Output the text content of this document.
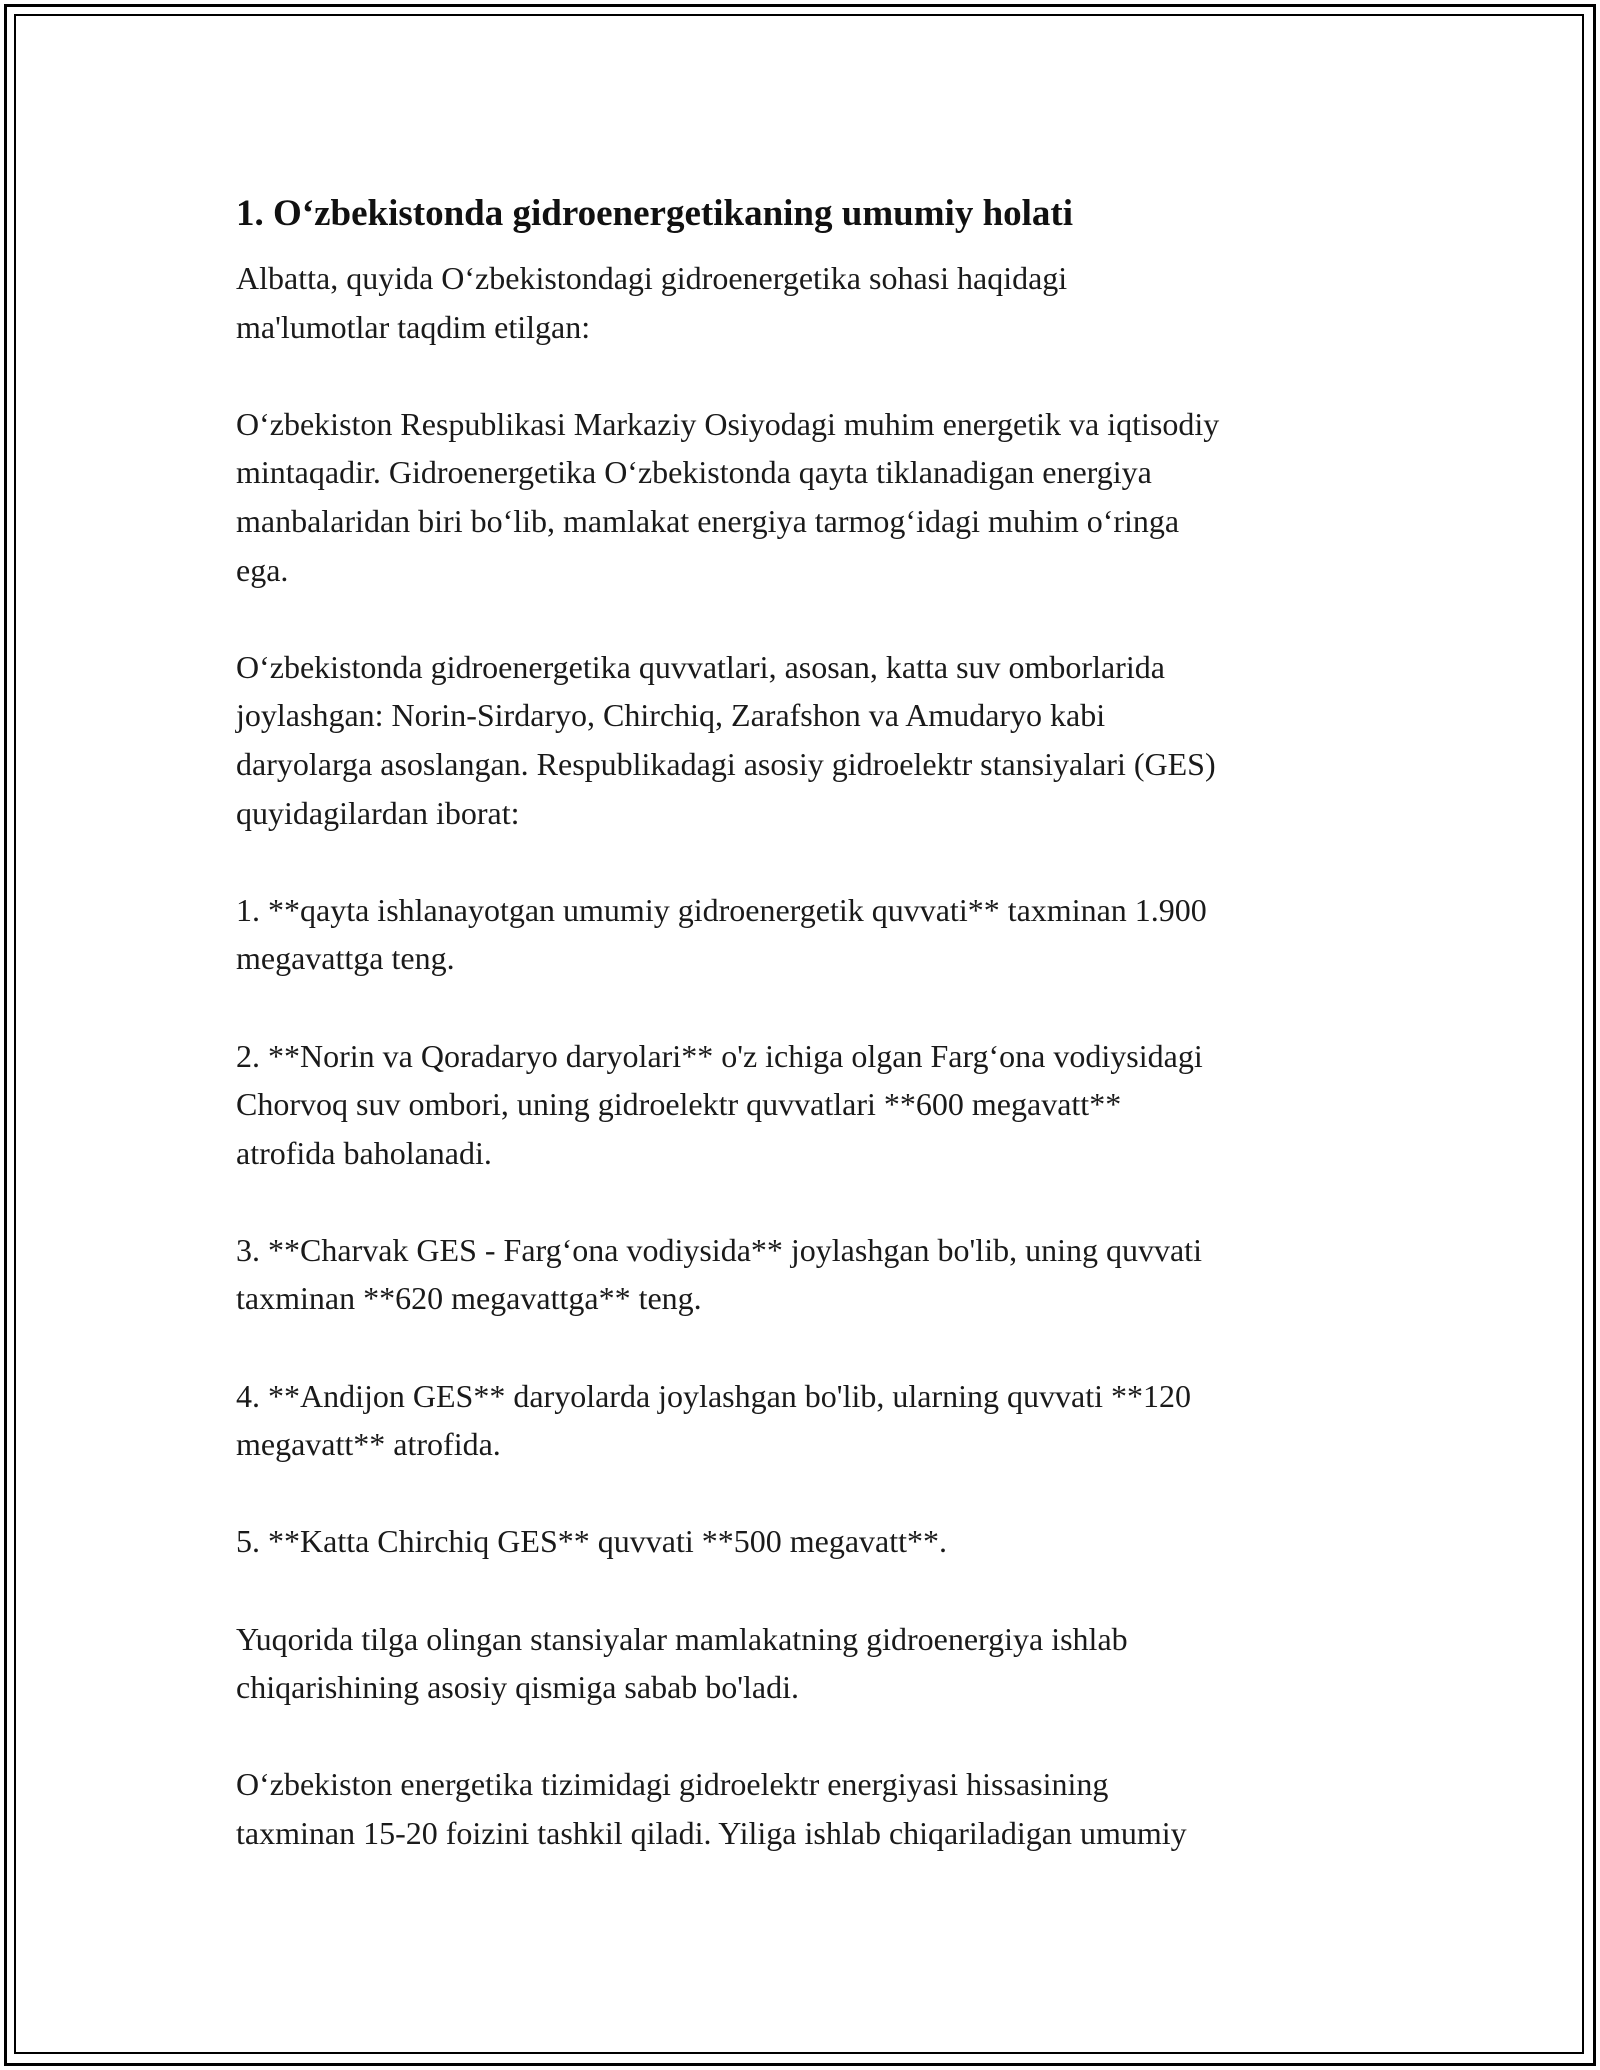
1. O‘zbekistonda gidroenergetikaning umumiy holati

Albatta, quyida O‘zbekistondagi gidroenergetika sohasi haqidagi
ma'lumotlar taqdim etilgan:

O‘zbekiston Respublikasi Markaziy Osiyodagi muhim energetik va iqtisodiy
mintaqadir. Gidroenergetika O‘zbekistonda qayta tiklanadigan energiya
manbalaridan biri bo‘lib, mamlakat energiya tarmog‘idagi muhim o‘ringa
ega.

O‘zbekistonda gidroenergetika quvvatlari, asosan, katta suv omborlarida
joylashgan: Norin-Sirdaryo, Chirchiq, Zarafshon va Amudaryo kabi
daryolarga asoslangan. Respublikadagi asosiy gidroelektr stansiyalari (GES)
quyidagilardan iborat:

1. **qayta ishlanayotgan umumiy gidroenergetik quvvati** taxminan 1.900
megavattga teng.

2. **Norin va Qoradaryo daryolari** o'z ichiga olgan Farg‘ona vodiysidagi
Chorvoq suv ombori, uning gidroelektr quvvatlari **600 megavatt**
atrofida baholanadi.

3. **Charvak GES - Farg‘ona vodiysida** joylashgan bo'lib, uning quvvati
taxminan **620 megavattga** teng.

4. **Andijon GES** daryolarda joylashgan bo'lib, ularning quvvati **120
megavatt** atrofida.

5. **Katta Chirchiq GES** quvvati **500 megavatt**.

Yuqorida tilga olingan stansiyalar mamlakatning gidroenergiya ishlab
chiqarishining asosiy qismiga sabab bo'ladi.

O‘zbekiston energetika tizimidagi gidroelektr energiyasi hissasining
taxminan 15-20 foizini tashkil qiladi. Yiliga ishlab chiqariladigan umumiy
